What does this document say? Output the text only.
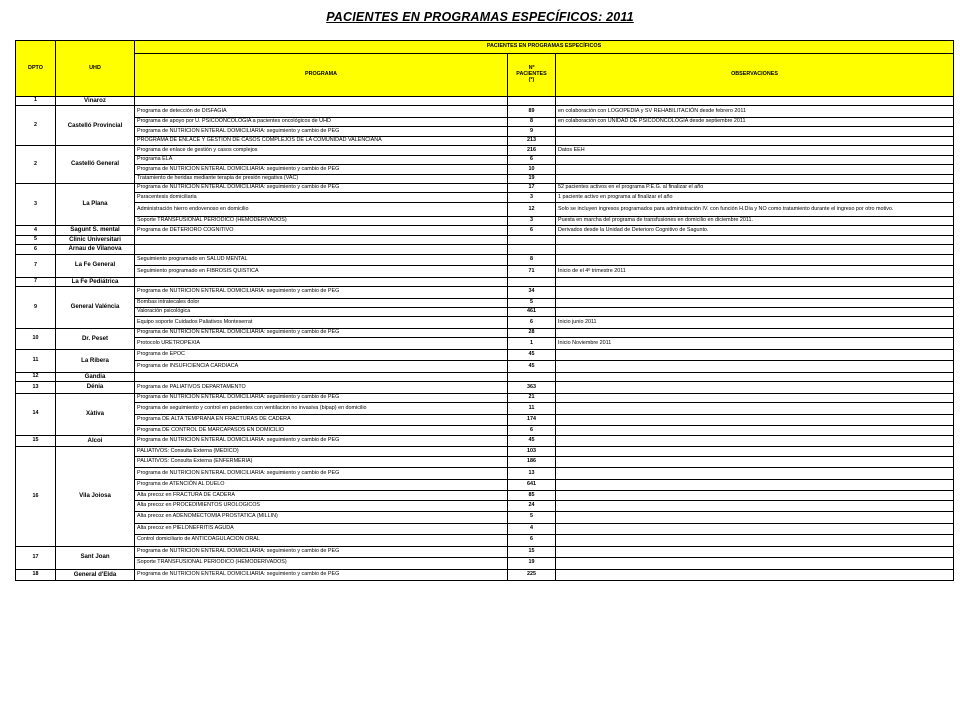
PACIENTES EN PROGRAMAS ESPECÍFICOS: 2011
DPTO	UHD	PACIENTES EN PROGRAMAS ESPECÍFICOS		
		PROGRAMA	Nº
PACIENTES
(*)	OBSERVACIONES
1	Vinaroz			
2	Castelló Provincial	Programa de detección de DISFAGIA	89	en colaboración con LOGOPEDIA y SV REHABILITACIÓN desde febrero 2011
		Programa de apoyo por U. PSICOONCOLOGIA a pacientes oncológicos de UHD	8	en colaboración con UNIDAD DE PSICOONCOLOGIA desde septiembre 2011
		Programa de NUTRICION ENTERAL DOMICILIARIA: seguimiento y cambio de PEG	9	
		PROGRAMA DE ENLACE Y GESTION DE CASOS COMPLEJOS DE LA COMUNIDAD VALENCIANA	213	
2	Castelló General	Programa de enlace de gestión y casos complejos	216	Datos EEH
		Programa ELA	6	
		Programa de NUTRICION ENTERAL DOMICILIARIA: seguimiento y cambio de PEG	10	
		Tratamiento de heridas mediante terapia de presión negativa (VAC)	19	
3	La Plana	Programa de NUTRICION ENTERAL DOMICILIARIA: seguimiento y cambio de PEG	17	52 pacientes activos en el programa P.E.G. al finalizar el año
		Paracentesis domiciliaria	3	1 paciente activo en programa al finalizar el año
		Administración hierro endovenoso en domicilio	12	Solo se incluyen ingresos programados para administración IV. con función H.Día y NO como tratamiento durante el ingreso por otro motivo.
		Soporte TRANSFUSIONAL PERIODICO (HEMODERIVADOS)	3	Puesta en marcha del programa de transfusiones en domicilio en diciembre 2011.
4	Sagunt S. mental	Programa de DETERIORO COGNITIVO	6	Derivados desde la Unidad de Deterioro Cognitivo de Sagunto.
5	Clinic Universitari			
6	Arnau de Vilanova			
7	La Fe General	Seguimiento programado en SALUD MENTAL	8	
		Seguimiento programado en FIBROSIS QUISTICA	71	Inicio de el 4º trimestre 2011
7	La Fe Pediátrica			
9	General Valéncia	Programa de NUTRICION ENTERAL DOMICILIARIA: seguimiento y cambio de PEG	34	
		Bombas intratecales dolor	5	
		Valoración psicológica	461	
		Equipo soporte Cuidados Paliativos Monteserrat	6	Inicio junio 2011
10	Dr. Peset	Programa de NUTRICION ENTERAL DOMICILIARIA: seguimiento y cambio de PEG	28	
		Protocolo URETROPEXIA	1	Inicio Noviembre 2011
11	La Ribera	Programa de EPOC	45	
		Programa de INSUFICIENCIA CARDIACA	45	
12	Gandia			
13	Dénia	Programa de PALIATIVOS DEPARTAMENTO	363	
14	Xàtiva	Programa de NUTRICION ENTERAL DOMICILIARIA: seguimiento y cambio de PEG	21	
		Programa de seguimiento y control en pacientes con ventilacion no invasiva (bipap) en domicilio	11	
		Programa DE ALTA TEMPRANA EN FRACTURAS DE CADERA	174	
		Programa DE CONTROL DE MARCAPASOS EN DOMICILIO	6	
15	Alcoi	Programa de NUTRICION ENTERAL DOMICILIARIA: seguimiento y cambio de PEG	45	
16	Vila Joiosa	PALIATIVOS: Consulta Externa (MEDICO)	103	
		PALIATIVOS: Consulta Externa (ENFERMERIA)	186	
		Programa de NUTRICION ENTERAL DOMICILIARIA: seguimiento y cambio de PEG	13	
		Programa de ATENCIÓN AL DUELO	641	
		Alta precoz en FRACTURA DE CADERA	85	
		Alta precoz en PROCEDIMIENTOS UROLOGICOS	24	
		Alta precoz en ADENOMECTOMIA PROSTATICA (MILLIN)	5	
		Alta precoz en PIELONEFRITIS AGUDA	4	
		Control domiciliario de ANTICOAGULACION ORAL	6	
17	Sant Joan	Programa de NUTRICION ENTERAL DOMICILIARIA: seguimiento y cambio de PEG	15	
		Soporte TRANSFUSIONAL PERIODICO (HEMODERIVADOS)	19	
18	General d'Elda	Programa de NUTRICION ENTERAL DOMICILIARIA: seguimiento y cambio de PEG	225	
